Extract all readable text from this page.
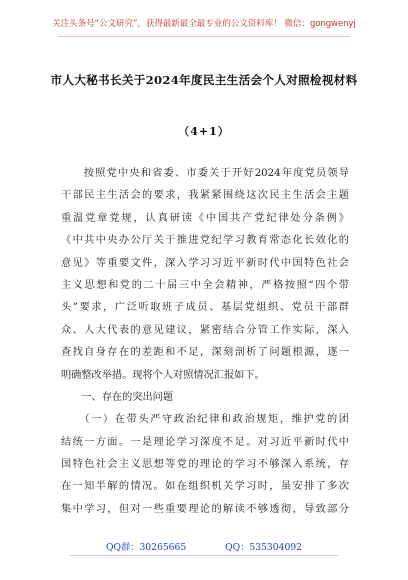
关注头条号“公文研究”，获得最新最全最专业的公文资料库！ 微信：gongwenyj
市人大秘书长关于2024年度民主生活会个人对照检视材料
（4+1）
　　按照党中央和省委、市委关于开好2024年度党员领导
干部民主生活会的要求，我紧紧围绕这次民主生活会主题
重温党章党规，认真研读《中国共产党纪律处分条例》
《中共中央办公厅关于推进党纪学习教育常态化长效化的
意见》等重要文件，深入学习习近平新时代中国特色社会
主义思想和党的二十届三中全会精神，严格按照“四个带
头”要求，广泛听取班子成员、基层党组织、党员干部群
众、人大代表的意见建议，紧密结合分管工作实际，深入
查找自身存在的差距和不足，深刻剖析了问题根源，逐一
明确整改举措。现将个人对照情况汇报如下。
　　一、存在的突出问题
　　（一）在带头严守政治纪律和政治规矩，维护党的团
结统一方面。一是理论学习深度不足。对习近平新时代中
国特色社会主义思想等党的理论的学习不够深入系统，存
在一知半解的情况。如在组织机关学习时，虽安排了多次
集中学习，但对一些重要理论的解读不够透彻，导致部分
QQ群：30265665	QQ：535304092
